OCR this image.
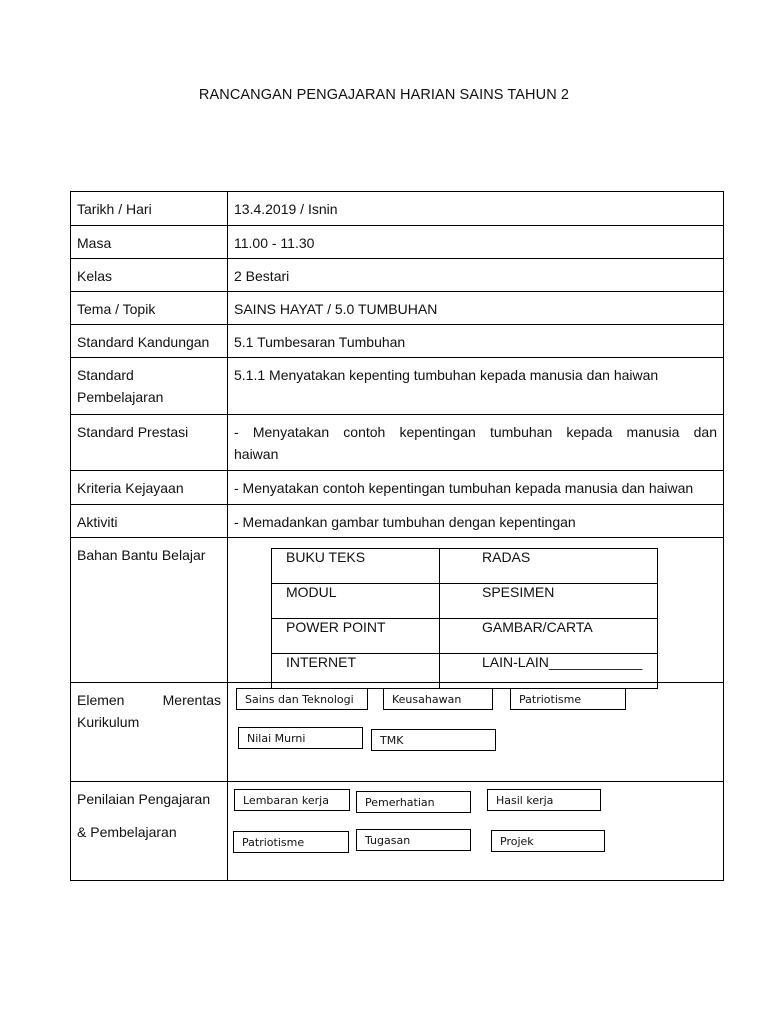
RANCANGAN PENGAJARAN HARIAN SAINS TAHUN 2
Tarikh / Hari	13.4.2019 / Isnin
Masa	11.00 - 11.30
Kelas	2 Bestari
Tema / Topik	SAINS HAYAT / 5.0 TUMBUHAN
Standard Kandungan	5.1 Tumbesaran Tumbuhan

Standard
Pembelajaran
	5.1.1 Menyatakan kepenting tumbuhan kepada manusia dan haiwan
Standard Prestasi	- Menyatakan contoh kepentingan tumbuhan kepada manusia dan
haiwan

Kriteria Kejayaan	- Menyatakan contoh kepentingan tumbuhan kepada manusia dan haiwan
Aktiviti	- Memadankan gambar tumbuhan dengan kepentingan
Bahan Bantu Belajar		BUKU TEKS	RADAS
MODUL	SPESIMEN
POWER POINT	GAMBAR/CARTA
INTERNET	LAIN-LAIN____________

Elemen Merentas
Kurikulum

Sains dan Teknologi	Keusahawan	Patriotisme
Nilai Murni	TMK

Penilaian Pengajaran
& Pembelajaran

Lembaran kerja	Pemerhatian	Hasil kerja
Patriotisme	Tugasan	Projek
